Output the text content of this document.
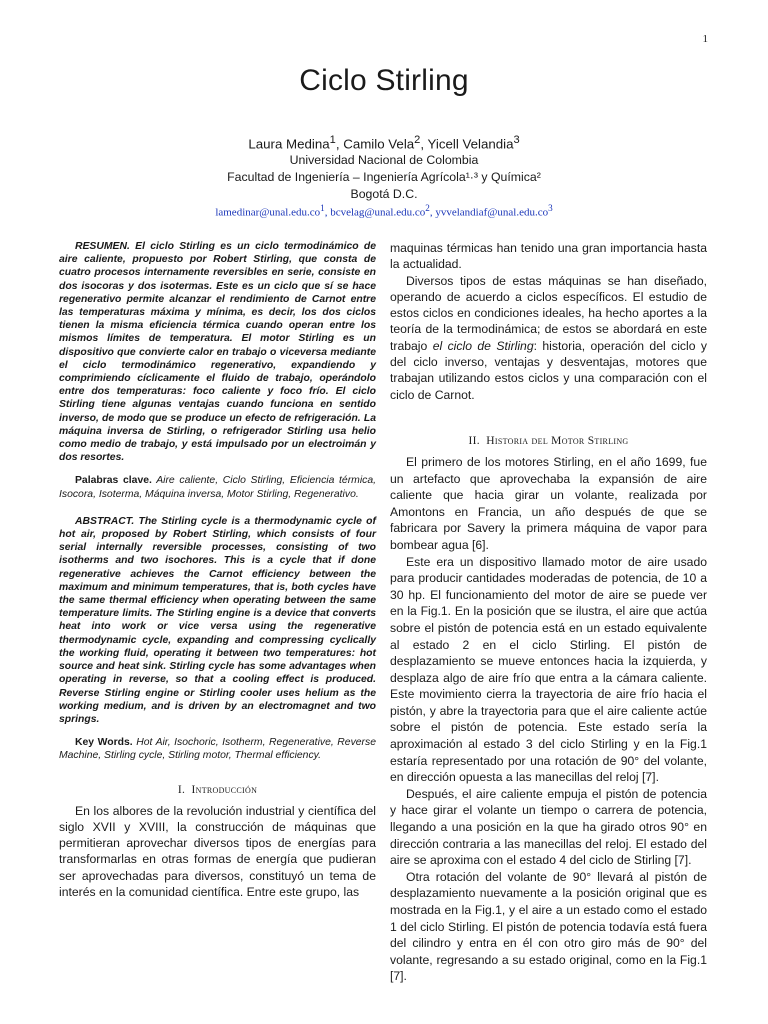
1
Ciclo Stirling
Laura Medina$^1$, Camilo Vela$^2$, Yicell Velandia$^3$
Universidad Nacional de Colombia
Facultad de Ingeniería – Ingeniería Agrícola¹·³ y Química²
Bogotá D.C.
$lamedinar@unal.edu.co^1$, $bcvelag@unal.edu.co^2$, $yvvelandiaf@unal.edu.co^3$

RESUMEN. El ciclo Stirling es un ciclo termodinámico de aire caliente, propuesto por Robert Stirling, que consta de cuatro procesos internamente reversibles en serie, consiste en dos isocoras y dos isotermas. Este es un ciclo que sí se hace regenerativo permite alcanzar el rendimiento de Carnot entre las temperaturas máxima y mínima, es decir, los dos ciclos tienen la misma eficiencia térmica cuando operan entre los mismos límites de temperatura. El motor Stirling es un dispositivo que convierte calor en trabajo o viceversa mediante el ciclo termodinámico regenerativo, expandiendo y comprimiendo cíclicamente el fluido de trabajo, operándolo entre dos temperaturas: foco caliente y foco frío. El ciclo Stirling tiene algunas ventajas cuando funciona en sentido inverso, de modo que se produce un efecto de refrigeración. La máquina inversa de Stirling, o refrigerador Stirling usa helio como medio de trabajo, y está impulsado por un electroimán y dos resortes.

Palabras clave. Aire caliente, Ciclo Stirling, Eficiencia térmica, Isocora, Isoterma, Máquina inversa, Motor Stirling, Regenerativo.

ABSTRACT. The Stirling cycle is a thermodynamic cycle of hot air, proposed by Robert Stirling, which consists of four serial internally reversible processes, consisting of two isotherms and two isochores. This is a cycle that if done regenerative achieves the Carnot efficiency between the maximum and minimum temperatures, that is, both cycles have the same thermal efficiency when operating between the same temperature limits. The Stirling engine is a device that converts heat into work or vice versa using the regenerative thermodynamic cycle, expanding and compressing cyclically the working fluid, operating it between two temperatures: hot source and heat sink. Stirling cycle has some advantages when operating in reverse, so that a cooling effect is produced. Reverse Stirling engine or Stirling cooler uses helium as the working medium, and is driven by an electromagnet and two springs.

Key Words. Hot Air, Isochoric, Isotherm, Regenerative, Reverse Machine, Stirling cycle, Stirling motor, Thermal efficiency.

I. Introducción

En los albores de la revolución industrial y científica del siglo XVII y XVIII, la construcción de máquinas que permitieran aprovechar diversos tipos de energías para transformarlas en otras formas de energía que pudieran ser aprovechadas para diversos, constituyó un tema de interés en la comunidad científica. Entre este grupo, las

maquinas térmicas han tenido una gran importancia hasta la actualidad.

Diversos tipos de estas máquinas se han diseñado, operando de acuerdo a ciclos específicos. El estudio de estos ciclos en condiciones ideales, ha hecho aportes a la teoría de la termodinámica; de estos se abordará en este trabajo el ciclo de Stirling: historia, operación del ciclo y del ciclo inverso, ventajas y desventajas, motores que trabajan utilizando estos ciclos y una comparación con el ciclo de Carnot.

II. Historia del Motor Stirling

El primero de los motores Stirling, en el año 1699, fue un artefacto que aprovechaba la expansión de aire caliente que hacia girar un volante, realizada por Amontons en Francia, un año después de que se fabricara por Savery la primera máquina de vapor para bombear agua [6].

Este era un dispositivo llamado motor de aire usado para producir cantidades moderadas de potencia, de 10 a 30 hp. El funcionamiento del motor de aire se puede ver en la Fig.1. En la posición que se ilustra, el aire que actúa sobre el pistón de potencia está en un estado equivalente al estado 2 en el ciclo Stirling. El pistón de desplazamiento se mueve entonces hacia la izquierda, y desplaza algo de aire frío que entra a la cámara caliente. Este movimiento cierra la trayectoria de aire frío hacia el pistón, y abre la trayectoria para que el aire caliente actúe sobre el pistón de potencia. Este estado sería la aproximación al estado 3 del ciclo Stirling y en la Fig.1 estaría representado por una rotación de 90° del volante, en dirección opuesta a las manecillas del reloj [7].

Después, el aire caliente empuja el pistón de potencia y hace girar el volante un tiempo o carrera de potencia, llegando a una posición en la que ha girado otros 90° en dirección contraria a las manecillas del reloj. El estado del aire se aproxima con el estado 4 del ciclo de Stirling [7].

Otra rotación del volante de 90° llevará al pistón de desplazamiento nuevamente a la posición original que es mostrada en la Fig.1, y el aire a un estado como el estado 1 del ciclo Stirling. El pistón de potencia todavía está fuera del cilindro y entra en él con otro giro más de 90° del volante, regresando a su estado original, como en la Fig.1 [7].
